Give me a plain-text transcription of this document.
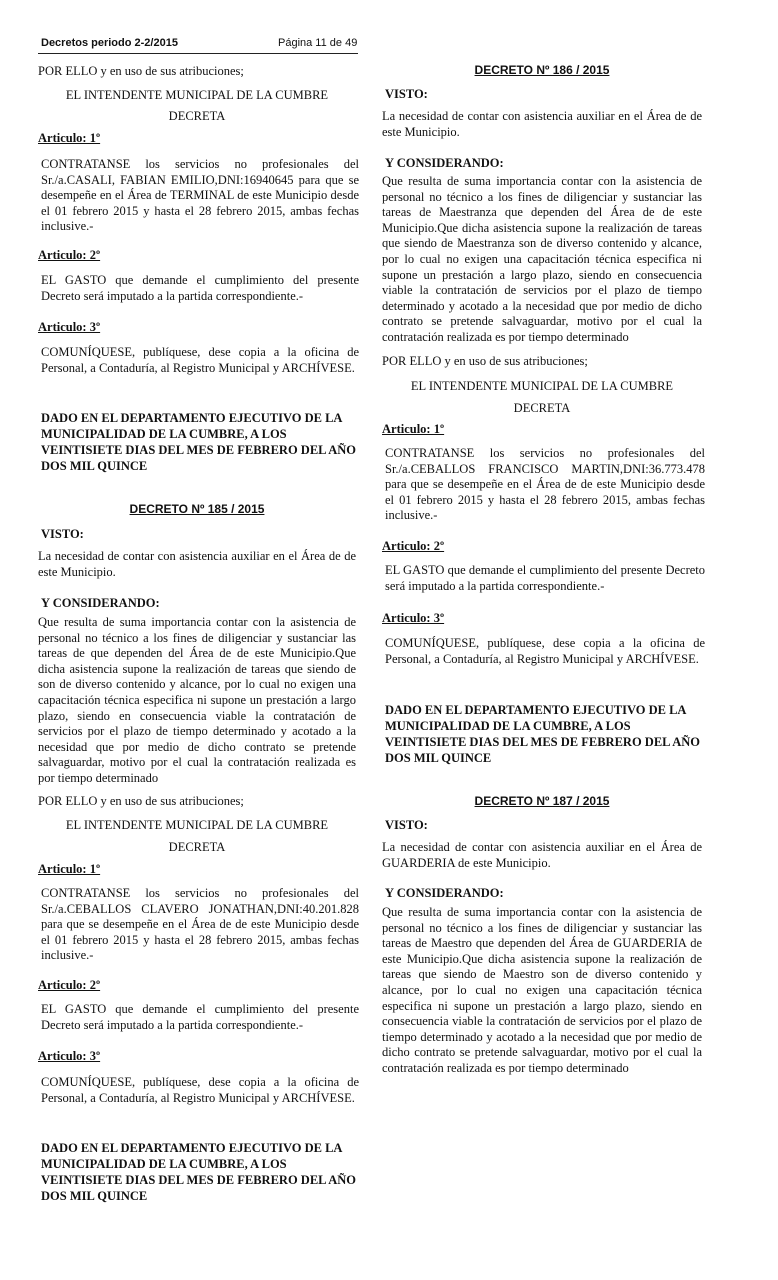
Decretos periodo 2-2/2015	Página 11 de 49

POR ELLO y en uso de sus atribuciones;

EL INTENDENTE MUNICIPAL DE LA CUMBRE

DECRETA

Articulo: 1º

CONTRATANSE los servicios no profesionales del Sr./a.CASALI, FABIAN EMILIO,DNI:16940645 para que se desempeñe en el Área de TERMINAL de este Municipio desde el 01 febrero 2015 y hasta el 28 febrero 2015, ambas fechas inclusive.-

Articulo: 2º

EL GASTO que demande el cumplimiento del presente Decreto será imputado a la partida correspondiente.-

Articulo: 3º

COMUNÍQUESE, publíquese, dese copia a la oficina de Personal, a Contaduría, al Registro Municipal y ARCHÍVESE.

DADO EN EL DEPARTAMENTO EJECUTIVO DE LA MUNICIPALIDAD DE LA CUMBRE, A LOS VEINTISIETE DIAS DEL MES DE FEBRERO DEL AÑO DOS MIL QUINCE

DECRETO Nº 185 / 2015

VISTO:

La necesidad de contar con asistencia auxiliar en el Área de de este Municipio.

Y CONSIDERANDO:

Que resulta de suma importancia contar con la asistencia de personal no técnico a los fines de diligenciar y sustanciar las tareas de que dependen del Área de de este Municipio.Que dicha asistencia supone la realización de tareas que siendo de son de diverso contenido y alcance, por lo cual no exigen una capacitación técnica especifica ni supone un prestación a largo plazo, siendo en consecuencia viable la contratación de servicios por el plazo de tiempo determinado y acotado a la necesidad que por medio de dicho contrato se pretende salvaguardar, motivo por el cual la contratación realizada es por tiempo determinado

POR ELLO y en uso de sus atribuciones;

EL INTENDENTE MUNICIPAL DE LA CUMBRE

DECRETA

Articulo: 1º

CONTRATANSE los servicios no profesionales del Sr./a.CEBALLOS CLAVERO JONATHAN,DNI:40.201.828 para que se desempeñe en el Área de de este Municipio desde el 01 febrero 2015 y hasta el 28 febrero 2015, ambas fechas inclusive.-

Articulo: 2º

EL GASTO que demande el cumplimiento del presente Decreto será imputado a la partida correspondiente.-

Articulo: 3º

COMUNÍQUESE, publíquese, dese copia a la oficina de Personal, a Contaduría, al Registro Municipal y ARCHÍVESE.

DADO EN EL DEPARTAMENTO EJECUTIVO DE LA MUNICIPALIDAD DE LA CUMBRE, A LOS VEINTISIETE DIAS DEL MES DE FEBRERO DEL AÑO DOS MIL QUINCE

DECRETO Nº 186 / 2015

VISTO:

La necesidad de contar con asistencia auxiliar en el Área de de este Municipio.

Y CONSIDERANDO:

Que resulta de suma importancia contar con la asistencia de personal no técnico a los fines de diligenciar y sustanciar las tareas de Maestranza que dependen del Área de de este Municipio.Que dicha asistencia supone la realización de tareas que siendo de Maestranza son de diverso contenido y alcance, por lo cual no exigen una capacitación técnica especifica ni supone un prestación a largo plazo, siendo en consecuencia viable la contratación de servicios por el plazo de tiempo determinado y acotado a la necesidad que por medio de dicho contrato se pretende salvaguardar, motivo por el cual la contratación realizada es por tiempo determinado

POR ELLO y en uso de sus atribuciones;

EL INTENDENTE MUNICIPAL DE LA CUMBRE

DECRETA

Articulo: 1º

CONTRATANSE los servicios no profesionales del Sr./a.CEBALLOS FRANCISCO MARTIN,DNI:36.773.478 para que se desempeñe en el Área de de este Municipio desde el 01 febrero 2015 y hasta el 28 febrero 2015, ambas fechas inclusive.-

Articulo: 2º

EL GASTO que demande el cumplimiento del presente Decreto será imputado a la partida correspondiente.-

Articulo: 3º

COMUNÍQUESE, publíquese, dese copia a la oficina de Personal, a Contaduría, al Registro Municipal y ARCHÍVESE.

DADO EN EL DEPARTAMENTO EJECUTIVO DE LA MUNICIPALIDAD DE LA CUMBRE, A LOS VEINTISIETE DIAS DEL MES DE FEBRERO DEL AÑO DOS MIL QUINCE

DECRETO Nº 187 / 2015

VISTO:

La necesidad de contar con asistencia auxiliar en el Área de GUARDERIA de este Municipio.

Y CONSIDERANDO:

Que resulta de suma importancia contar con la asistencia de personal no técnico a los fines de diligenciar y sustanciar las tareas de Maestro que dependen del Área de GUARDERIA de este Municipio.Que dicha asistencia supone la realización de tareas que siendo de Maestro son de diverso contenido y alcance, por lo cual no exigen una capacitación técnica especifica ni supone un prestación a largo plazo, siendo en consecuencia viable la contratación de servicios por el plazo de tiempo determinado y acotado a la necesidad que por medio de dicho contrato se pretende salvaguardar, motivo por el cual la contratación realizada es por tiempo determinado
